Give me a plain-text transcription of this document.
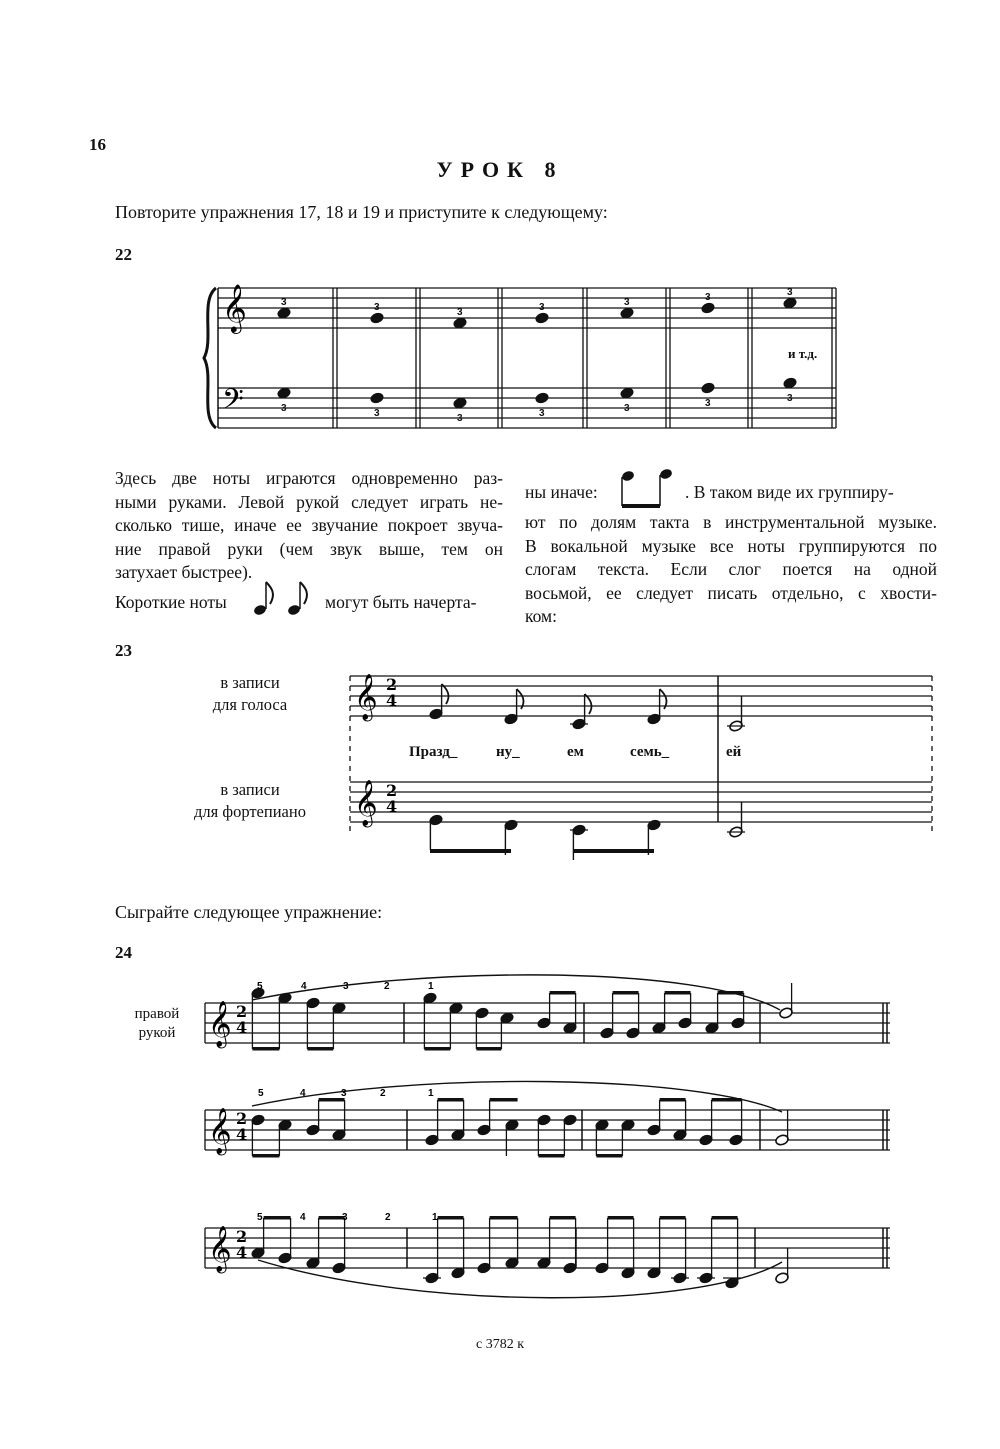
16
УРОК 8
Повторите упражнения 17, 18 и 19 и приступите к следующему:
22
𝄞
𝄢
3
3
3
3
3
3
3
3
3
3
3
3
3
3
и т.д.
Здесь две ноты играются одновременно раз-
ными руками. Левой рукой следует играть не-
сколько тише, иначе ее звучание покроет звуча-
ние правой руки (чем звук выше, тем он
затухает быстрее).
Короткие ноты	могут быть начерта-
ны иначе:	. В таком виде их группиру-
ют по долям такта в инструментальной музыке.
В вокальной музыке все ноты группируются по
слогам текста. Если слог поется на одной
восьмой, ее следует писать отдельно, с хвости-
ком:
23
в записи
для голоса
в записи
для фортепиано
𝄞
𝄞
2
4
2
4
Празд_	ну_	ем	семь_	ей
Сыграйте следующее упражнение:
24
правой
рукой 𝄞 2
4
5	4	3	2	1
𝄞 2
4
5	4	3	2	1
𝄞 2
4
5	4	3	2	1
с 3782 к
